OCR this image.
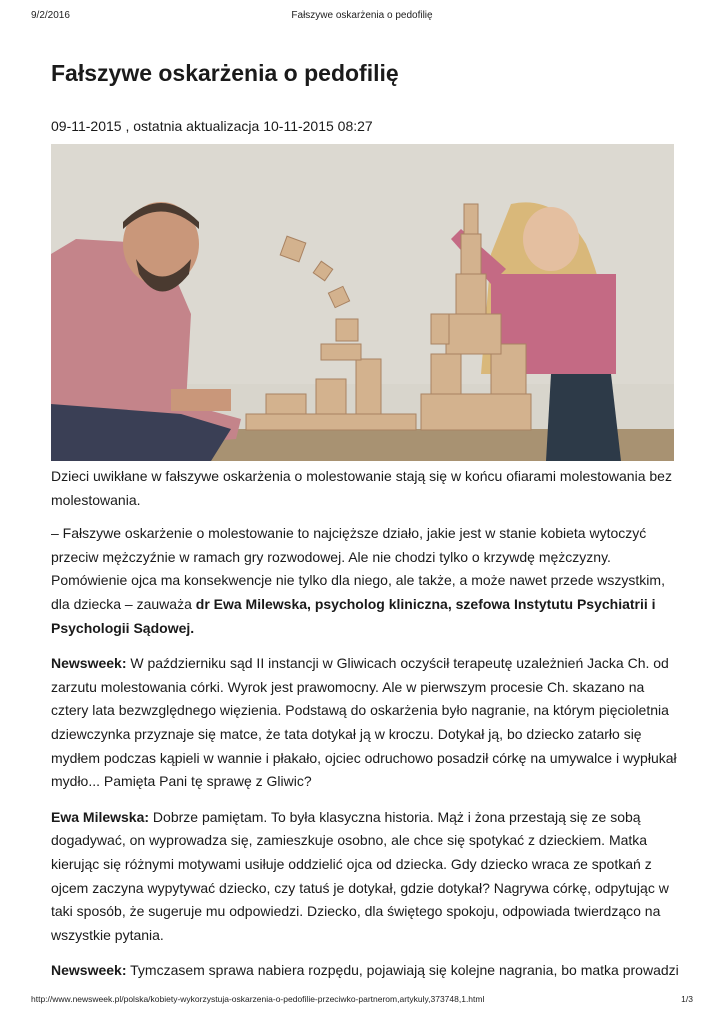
9/2/2016	Fałszywe oskarżenia o pedofilię
Fałszywe oskarżenia o pedofilię
09-11-2015 , ostatnia aktualizacja 10-11-2015 08:27

Dzieci uwikłane w fałszywe oskarżenia o molestowanie stają się w końcu ofiarami molestowania bez molestowania.

– Fałszywe oskarżenie o molestowanie to najcięższe działo, jakie jest w stanie kobieta wytoczyć przeciw mężczyźnie w ramach gry rozwodowej. Ale nie chodzi tylko o krzywdę mężczyzny. Pomówienie ojca ma konsekwencje nie tylko dla niego, ale także, a może nawet przede wszystkim, dla dziecka – zauważa dr Ewa Milewska, psycholog kliniczna, szefowa Instytutu Psychiatrii i Psychologii Sądowej.

Newsweek: W październiku sąd II instancji w Gliwicach oczyścił terapeutę uzależnień Jacka Ch. od zarzutu molestowania córki. Wyrok jest prawomocny. Ale w pierwszym procesie Ch. skazano na cztery lata bezwzględnego więzienia. Podstawą do oskarżenia było nagranie, na którym pięcioletnia dziewczynka przyznaje się matce, że tata dotykał ją w kroczu. Dotykał ją, bo dziecko zatarło się mydłem podczas kąpieli w wannie i płakało, ojciec odruchowo posadził córkę na umywalce i wypłukał mydło... Pamięta Pani tę sprawę z Gliwic?

Ewa Milewska: Dobrze pamiętam. To była klasyczna historia. Mąż i żona przestają się ze sobą dogadywać, on wyprowadza się, zamieszkuje osobno, ale chce się spotykać z dzieckiem. Matka kierując się różnymi motywami usiłuje oddzielić ojca od dziecka. Gdy dziecko wraca ze spotkań z ojcem zaczyna wypytywać dziecko, czy tatuś je dotykał, gdzie dotykał? Nagrywa córkę, odpytując w taki sposób, że sugeruje mu odpowiedzi. Dziecko, dla świętego spokoju, odpowiada twierdząco na wszystkie pytania.

Newsweek: Tymczasem sprawa nabiera rozpędu, pojawiają się kolejne nagrania, bo matka prowadzi

http://www.newsweek.pl/polska/kobiety-wykorzystuja-oskarzenia-o-pedofilie-przeciwko-partnerom,artykuly,373748,1.html	1/3
